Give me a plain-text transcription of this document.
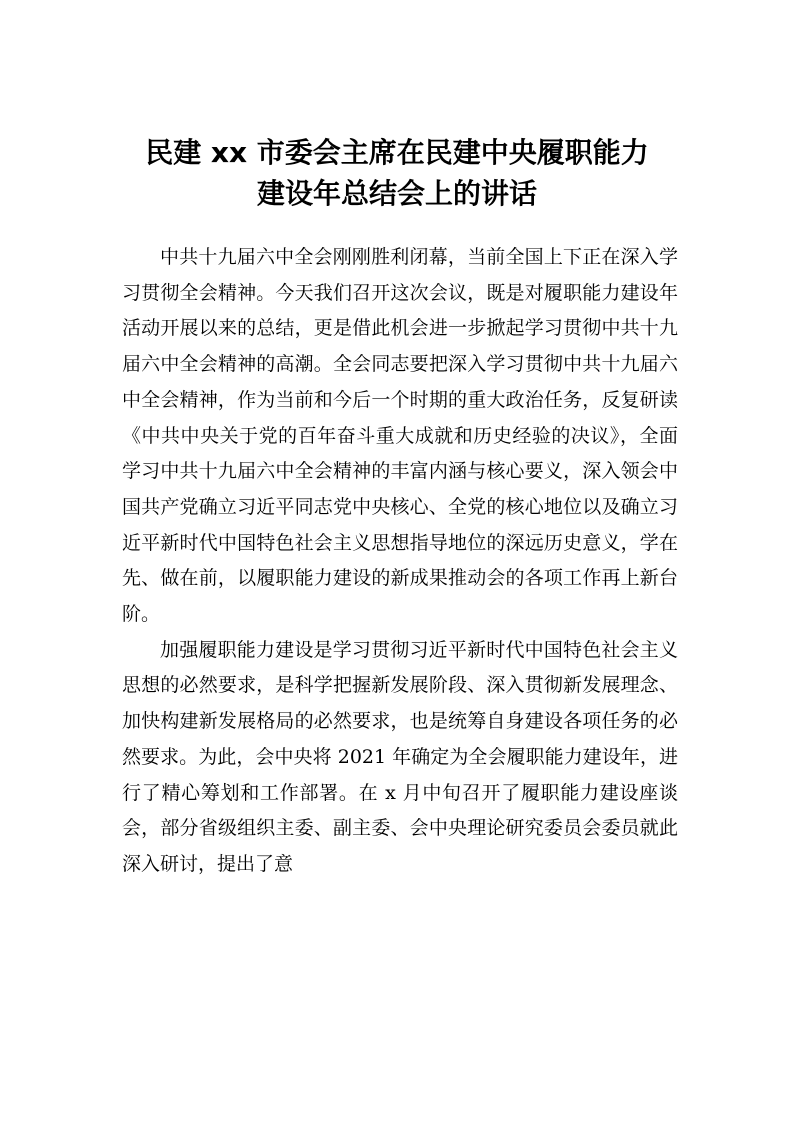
民建 xx 市委会主席在民建中央履职能力
建设年总结会上的讲话

中共十九届六中全会刚刚胜利闭幕，当前全国上下正在深入学习贯彻全会精神。今天我们召开这次会议，既是对履职能力建设年活动开展以来的总结，更是借此机会进一步掀起学习贯彻中共十九届六中全会精神的高潮。全会同志要把深入学习贯彻中共十九届六中全会精神，作为当前和今后一个时期的重大政治任务，反复研读《中共中央关于党的百年奋斗重大成就和历史经验的决议》，全面学习中共十九届六中全会精神的丰富内涵与核心要义，深入领会中国共产党确立习近平同志党中央核心、全党的核心地位以及确立习近平新时代中国特色社会主义思想指导地位的深远历史意义，学在先、做在前，以履职能力建设的新成果推动会的各项工作再上新台阶。

加强履职能力建设是学习贯彻习近平新时代中国特色社会主义思想的必然要求，是科学把握新发展阶段、深入贯彻新发展理念、加快构建新发展格局的必然要求，也是统筹自身建设各项任务的必然要求。为此，会中央将 2021 年确定为全会履职能力建设年，进行了精心筹划和工作部署。在 x 月中旬召开了履职能力建设座谈会，部分省级组织主委、副主委、会中央理论研究委员会委员就此深入研讨，提出了意
